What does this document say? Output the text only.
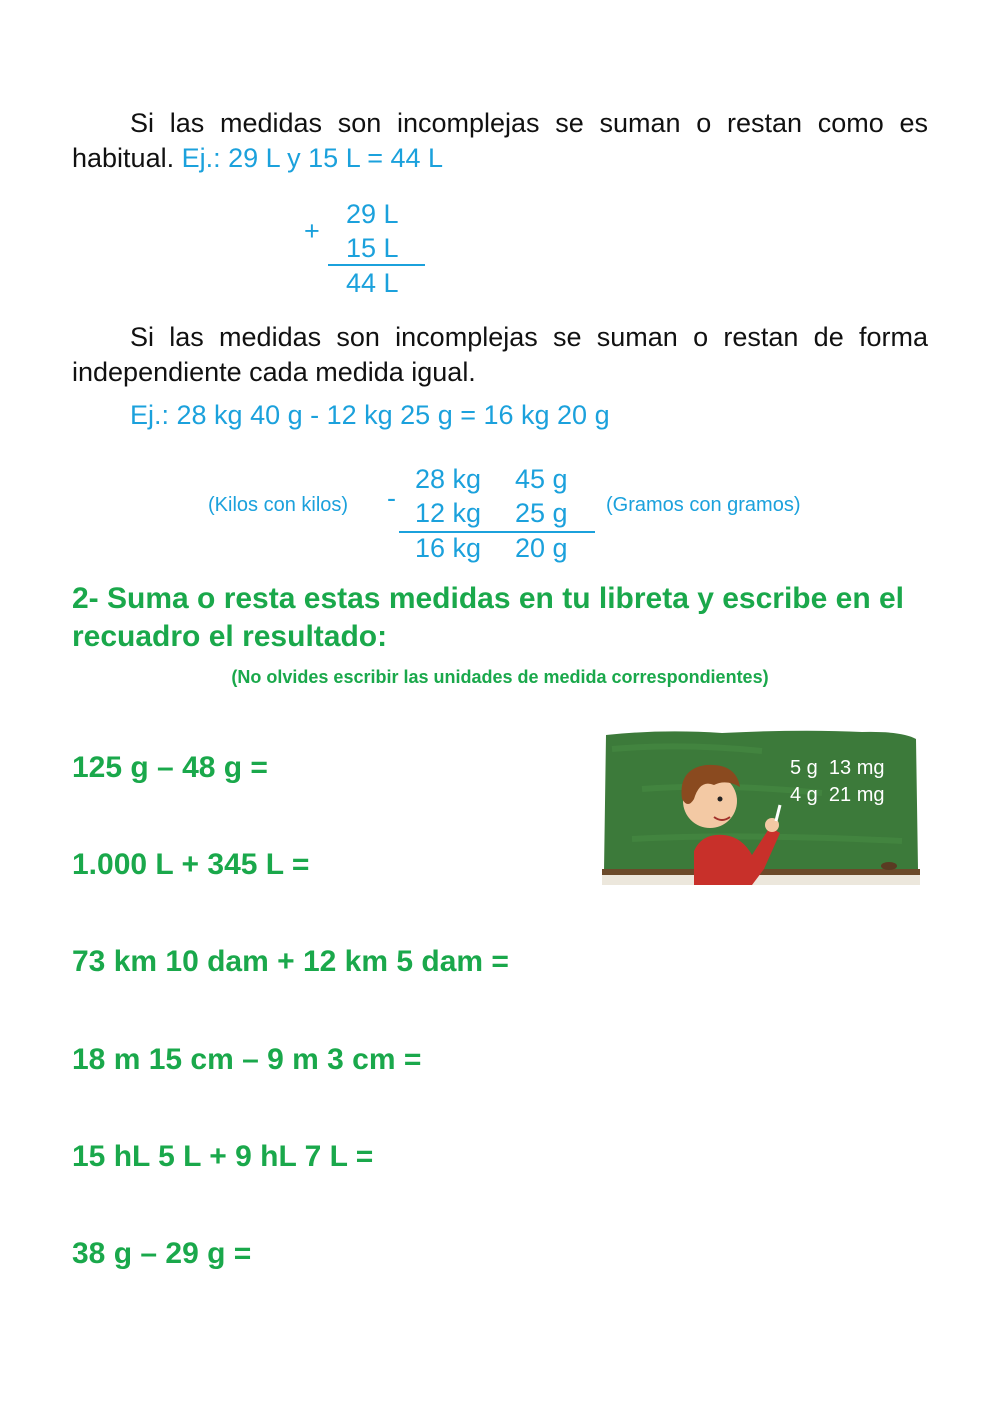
Si las medidas son incomplejas se suman o restan como es habitual. Ej.: 29 L y 15 L = 44 L
+
29 L
15 L
44 L
Si las medidas son incomplejas se suman o restan de forma independiente cada medida igual.
Ej.: 28 kg 40 g - 12 kg 25 g = 16 kg 20 g
(Kilos con kilos) -
28 kg 45 g
12 kg 25 g
16 kg 20 g
(Gramos con gramos)
2- Suma o resta estas medidas en tu libreta y escribe en el recuadro el resultado:
(No olvides escribir las unidades de medida correspondientes)
125 g – 48 g =
1.000 L + 345 L =
73 km 10 dam + 12 km 5 dam =
18 m 15 cm – 9 m 3 cm =
15 hL 5 L + 9 hL 7 L =
38 g – 29 g =
5 g  13 mg
4 g  21 mg
